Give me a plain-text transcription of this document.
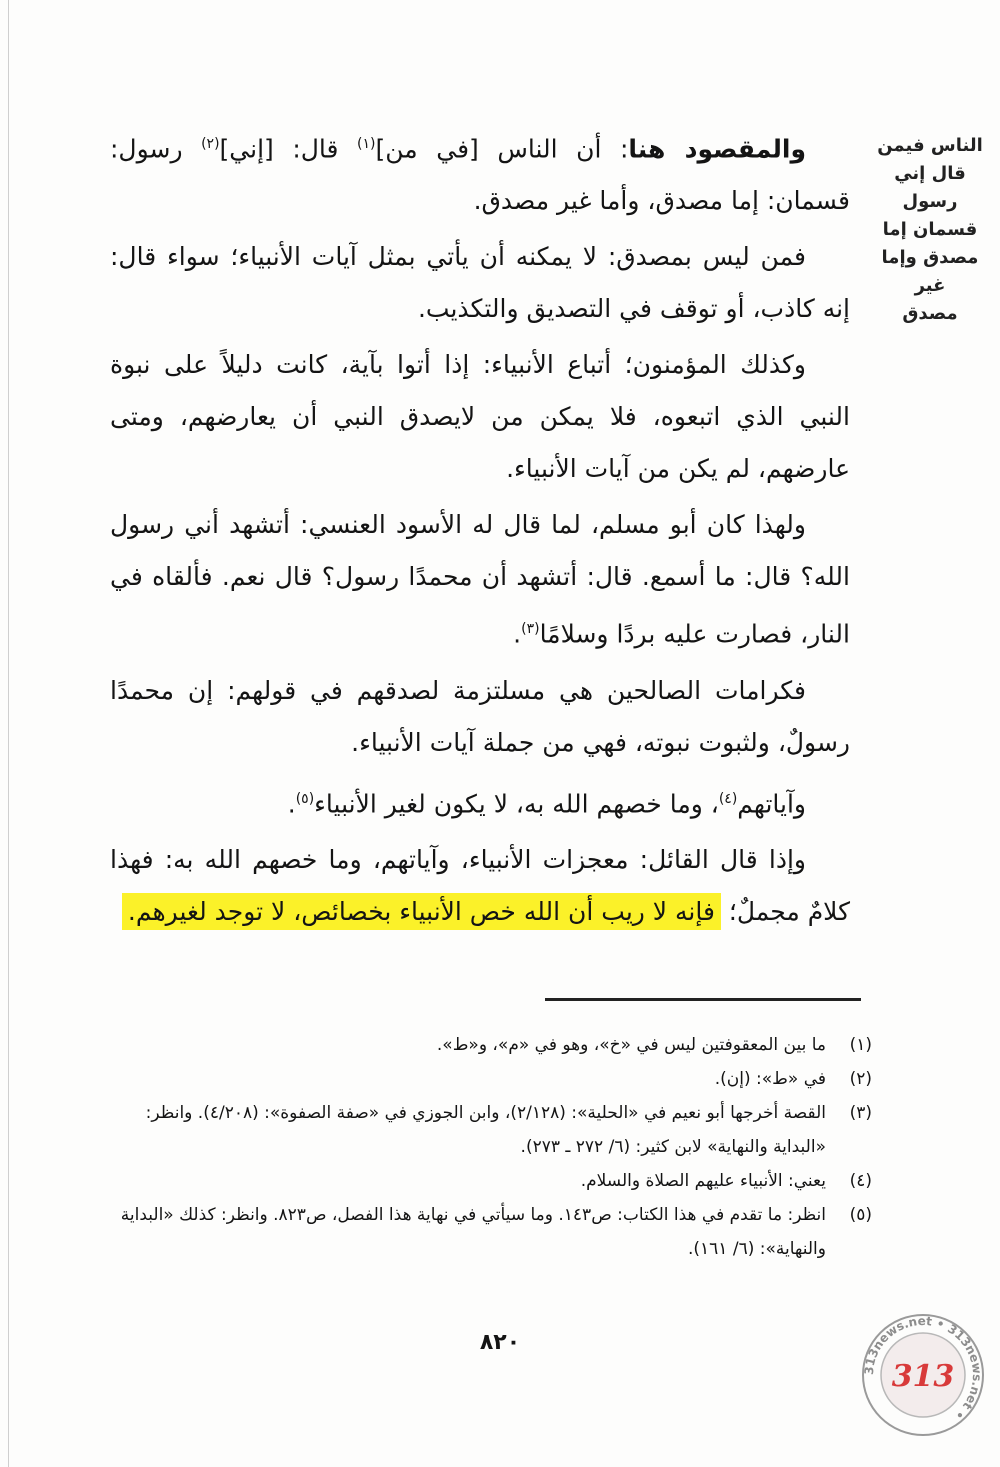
الناس فيمن قال إني
رسول قسمان إما
مصدق وإما غير
مصدق

والمقصود هنا: أن الناس [في من]$^{(١)}$ قال: [إني]$^{(٢)}$ رسول: قسمان: إما مصدق، وأما غير مصدق.

فمن ليس بمصدق: لا يمكنه أن يأتي بمثل آيات الأنبياء؛ سواء قال: إنه كاذب، أو توقف في التصديق والتكذيب.

وكذلك المؤمنون؛ أتباع الأنبياء: إذا أتوا بآية، كانت دليلاً على نبوة النبي الذي اتبعوه، فلا يمكن من لايصدق النبي أن يعارضهم، ومتى عارضهم، لم يكن من آيات الأنبياء.

ولهذا كان أبو مسلم، لما قال له الأسود العنسي: أتشهد أني رسول الله؟ قال: ما أسمع. قال: أتشهد أن محمدًا رسول؟ قال نعم. فألقاه في النار، فصارت عليه بردًا وسلامًا$^{(٣)}$.

فكرامات الصالحين هي مسلتزمة لصدقهم في قولهم: إن محمدًا رسولٌ، ولثبوت نبوته، فهي من جملة آيات الأنبياء.

وآياتهم$^{(٤)}$، وما خصهم الله به، لا يكون لغير الأنبياء$^{(٥)}$.

وإذا قال القائل: معجزات الأنبياء، وآياتهم، وما خصهم الله به: فهذا كلامٌ مجملٌ؛ فإنه لا ريب أن الله خص الأنبياء بخصائص، لا توجد لغيرهم.

(١)
ما بين المعقوفتين ليس في «خ»، وهو في «م»، و«ط».
(٢)
في «ط»: (إن).
(٣)
القصة أخرجها أبو نعيم في «الحلية»: (٢/١٢٨)، وابن الجوزي في «صفة الصفوة»: (٤/٢٠٨). وانظر: «البداية والنهاية» لابن كثير: (٦/ ٢٧٢ ـ ٢٧٣).
(٤)
يعني: الأنبياء عليهم الصلاة والسلام.
(٥)
انظر: ما تقدم في هذا الكتاب: ص١٤٣. وما سيأتي في نهاية هذا الفصل، ص٨٢٣. وانظر: كذلك «البداية والنهاية»: (٦/ ١٦١).
٨٢٠
313news.net • 313news.net •
313
